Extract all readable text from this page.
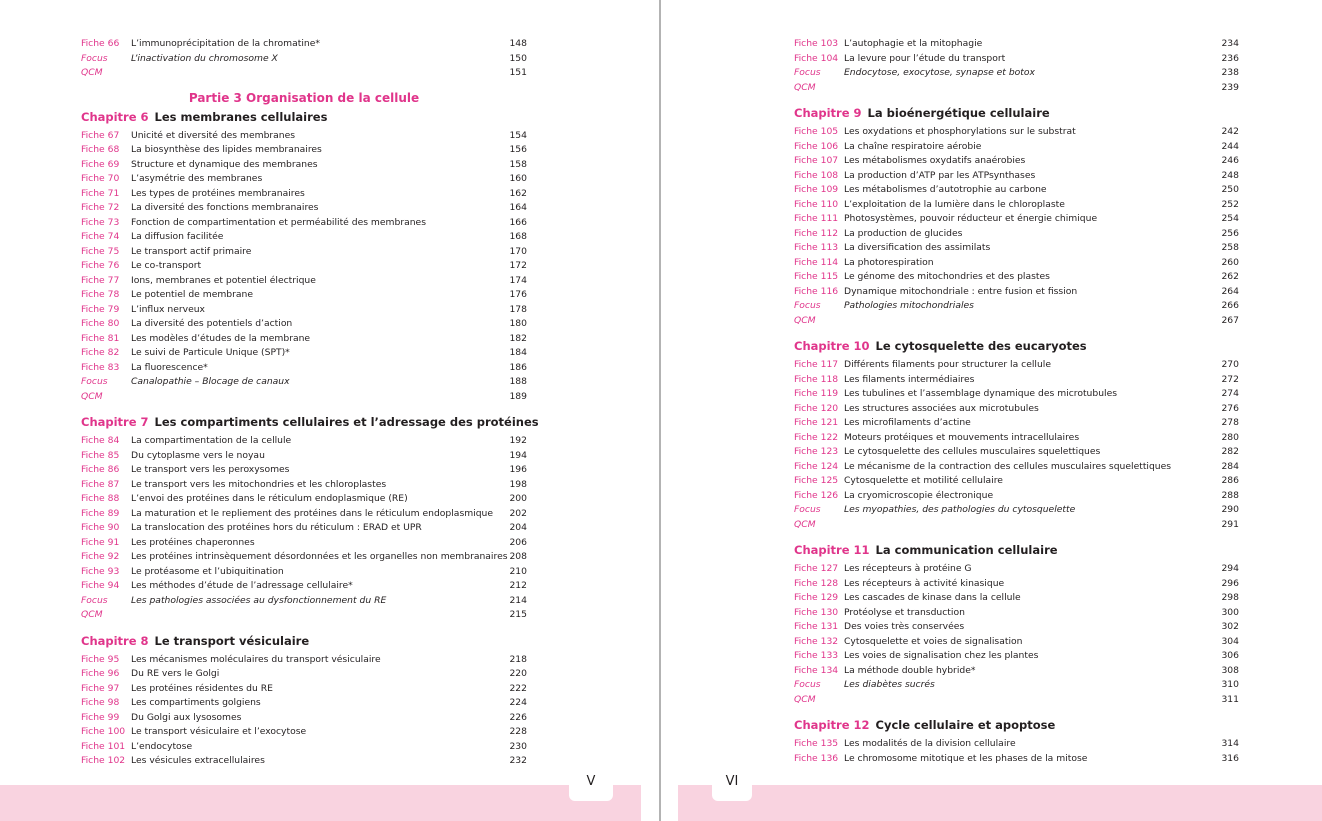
Fiche 66 L’immunoprécipitation de la chromatine*	148
Focus	L’inactivation du chromosome X	150
QCM	151
Partie 3 Organisation de la cellule
Chapitre 6 Les membranes cellulaires
Fiche 67 Unicité et diversité des membranes	154
Fiche 68 La biosynthèse des lipides membranaires	156
Fiche 69 Structure et dynamique des membranes	158
Fiche 70 L’asymétrie des membranes	160
Fiche 71 Les types de protéines membranaires	162
Fiche 72 La diversité des fonctions membranaires	164
Fiche 73 Fonction de compartimentation et perméabilité des membranes	166
Fiche 74 La diffusion facilitée	168
Fiche 75 Le transport actif primaire	170
Fiche 76 Le co-transport	172
Fiche 77 Ions, membranes et potentiel électrique	174
Fiche 78 Le potentiel de membrane	176
Fiche 79 L’influx nerveux	178
Fiche 80 La diversité des potentiels d’action	180
Fiche 81 Les modèles d’études de la membrane	182
Fiche 82 Le suivi de Particule Unique (SPT)*	184
Fiche 83 La fluorescence*	186
Focus	Canalopathie – Blocage de canaux	188
QCM	189
Chapitre 7 Les compartiments cellulaires et l’adressage des protéines
Fiche 84 La compartimentation de la cellule	192
Fiche 85 Du cytoplasme vers le noyau	194
Fiche 86 Le transport vers les peroxysomes	196
Fiche 87 Le transport vers les mitochondries et les chloroplastes	198
Fiche 88 L’envoi des protéines dans le réticulum endoplasmique (RE)	200
Fiche 89 La maturation et le repliement des protéines dans le réticulum endoplasmique 202
Fiche 90 La translocation des protéines hors du réticulum : ERAD et UPR	204
Fiche 91 Les protéines chaperonnes	206
Fiche 92 Les protéines intrinsèquement désordonnées et les organelles non membranaires 208
Fiche 93 Le protéasome et l’ubiquitination	210
Fiche 94 Les méthodes d’étude de l’adressage cellulaire*	212
Focus	Les pathologies associées au dysfonctionnement du RE	214
QCM	215
Chapitre 8 Le transport vésiculaire
Fiche 95 Les mécanismes moléculaires du transport vésiculaire	218
Fiche 96 Du RE vers le Golgi	220
Fiche 97 Les protéines résidentes du RE	222
Fiche 98 Les compartiments golgiens	224
Fiche 99 Du Golgi aux lysosomes	226
Fiche 100 Le transport vésiculaire et l’exocytose	228
Fiche 101 L’endocytose	230
Fiche 102 Les vésicules extracellulaires	232
V
Fiche 103 L’autophagie et la mitophagie	234
Fiche 104 La levure pour l’étude du transport	236
Focus	Endocytose, exocytose, synapse et botox	238
QCM	239
Chapitre 9 La bioénergétique cellulaire
Fiche 105 Les oxydations et phosphorylations sur le substrat	242
Fiche 106 La chaîne respiratoire aérobie	244
Fiche 107 Les métabolismes oxydatifs anaérobies	246
Fiche 108 La production d’ATP par les ATPsynthases	248
Fiche 109 Les métabolismes d’autotrophie au carbone	250
Fiche 110 L’exploitation de la lumière dans le chloroplaste	252
Fiche 111 Photosystèmes, pouvoir réducteur et énergie chimique	254
Fiche 112 La production de glucides	256
Fiche 113 La diversification des assimilats	258
Fiche 114 La photorespiration	260
Fiche 115 Le génome des mitochondries et des plastes	262
Fiche 116 Dynamique mitochondriale : entre fusion et fission	264
Focus	Pathologies mitochondriales	266
QCM	267
Chapitre 10 Le cytosquelette des eucaryotes
Fiche 117 Différents filaments pour structurer la cellule	270
Fiche 118 Les filaments intermédiaires	272
Fiche 119 Les tubulines et l’assemblage dynamique des microtubules	274
Fiche 120 Les structures associées aux microtubules	276
Fiche 121 Les microfilaments d’actine	278
Fiche 122 Moteurs protéiques et mouvements intracellulaires	280
Fiche 123 Le cytosquelette des cellules musculaires squelettiques	282
Fiche 124 Le mécanisme de la contraction des cellules musculaires squelettiques	284
Fiche 125 Cytosquelette et motilité cellulaire	286
Fiche 126 La cryomicroscopie électronique	288
Focus	Les myopathies, des pathologies du cytosquelette	290
QCM	291
Chapitre 11 La communication cellulaire
Fiche 127 Les récepteurs à protéine G	294
Fiche 128 Les récepteurs à activité kinasique	296
Fiche 129 Les cascades de kinase dans la cellule	298
Fiche 130 Protéolyse et transduction	300
Fiche 131 Des voies très conservées	302
Fiche 132 Cytosquelette et voies de signalisation	304
Fiche 133 Les voies de signalisation chez les plantes	306
Fiche 134 La méthode double hybride*	308
Focus	Les diabètes sucrés	310
QCM	311
Chapitre 12 Cycle cellulaire et apoptose
Fiche 135 Les modalités de la division cellulaire	314
Fiche 136 Le chromosome mitotique et les phases de la mitose	316
VI
